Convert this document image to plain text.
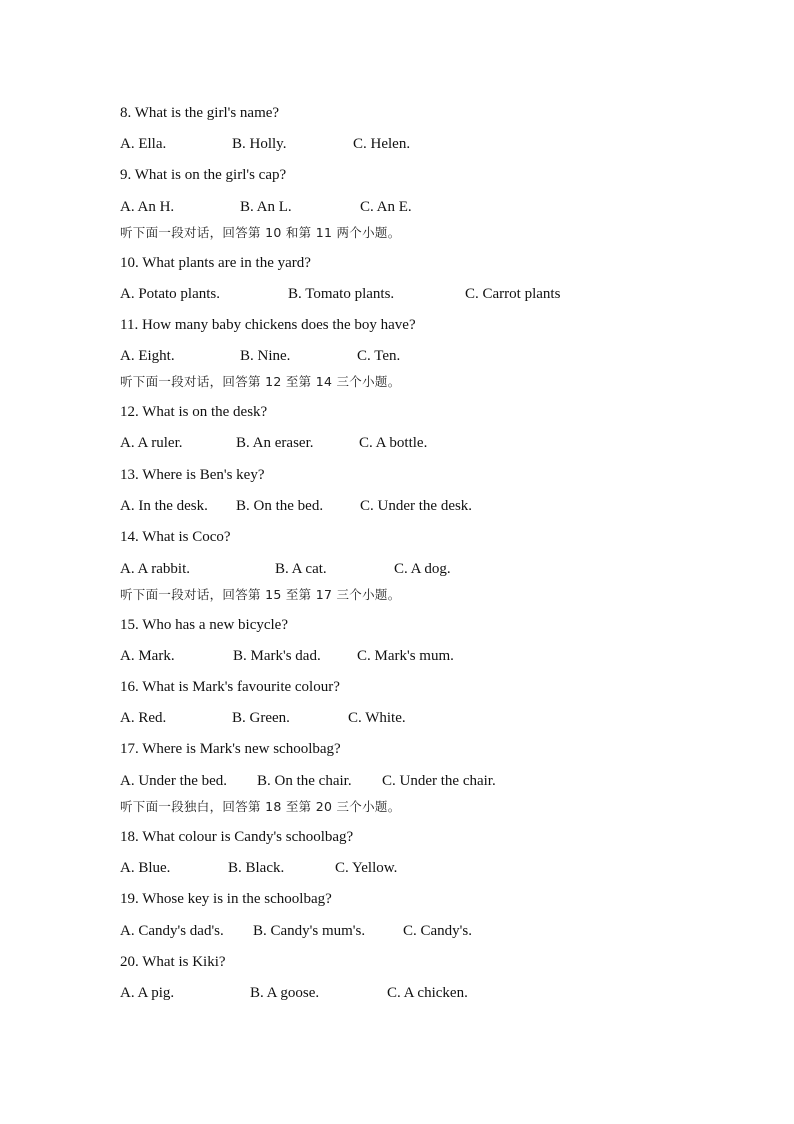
8. What is the girl's name?
A. Ella.	B. Holly.	C. Helen.
9. What is on the girl's cap?
A. An H.	B. An L.	C. An E.
听下面一段对话，回答第 10 和第 11 两个小题。
10. What plants are in the yard?
A. Potato plants.	B. Tomato plants.	C. Carrot plants
11. How many baby chickens does the boy have?
A. Eight.	B. Nine.	C. Ten.
听下面一段对话，回答第 12 至第 14 三个小题。
12. What is on the desk?
A. A ruler.	B. An eraser.	C. A bottle.
13. Where is Ben's key?
A. In the desk. B. On the bed. C. Under the desk.
14. What is Coco?
A. A rabbit.	B. A cat.	C. A dog.
听下面一段对话，回答第 15 至第 17 三个小题。
15. Who has a new bicycle?
A. Mark.	B. Mark's dad. C. Mark's mum.
16. What is Mark's favourite colour?
A. Red.	B. Green.	C. White.
17. Where is Mark's new schoolbag?
A. Under the bed. B. On the chair. C. Under the chair.
听下面一段独白，回答第 18 至第 20 三个小题。
18. What colour is Candy's schoolbag?
A. Blue.	B. Black.	C. Yellow.
19. Whose key is in the schoolbag?
A. Candy's dad's. B. Candy's mum's.	C. Candy's.
20. What is Kiki?
A. A pig.	B. A goose.	C. A chicken.
